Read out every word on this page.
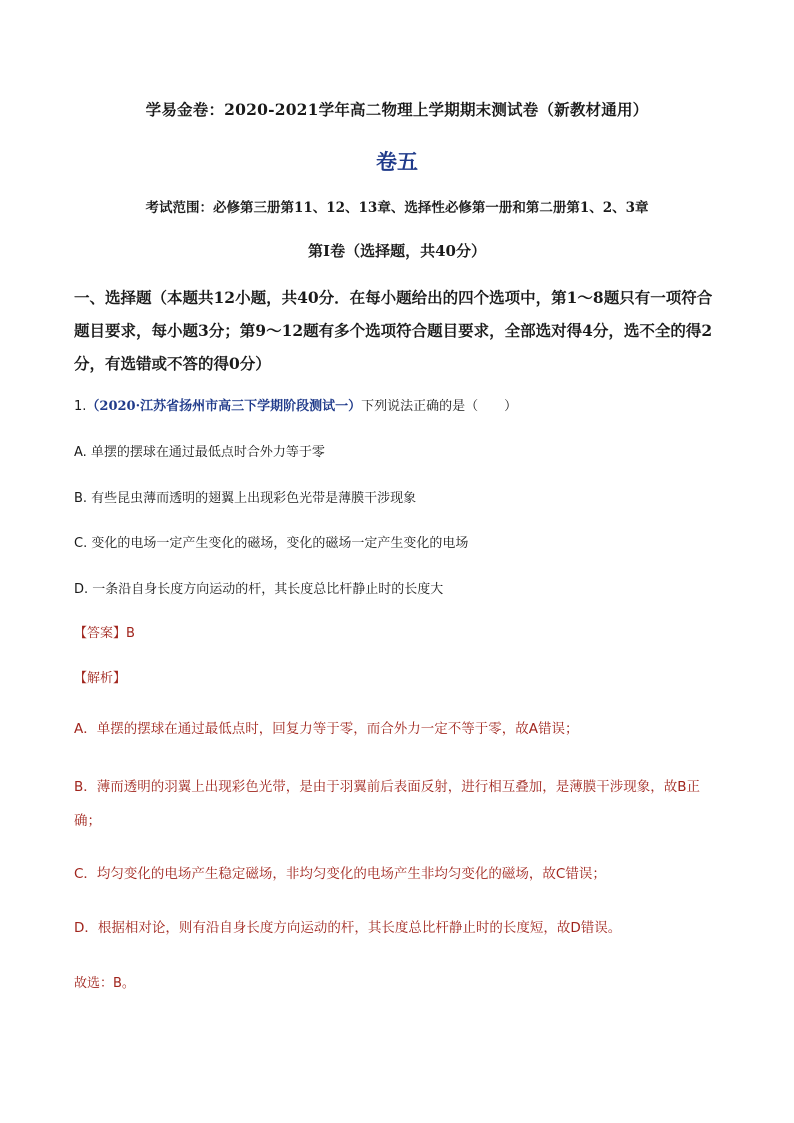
学易金卷：2020-2021学年高二物理上学期期末测试卷（新教材通用）
卷五
考试范围：必修第三册第11、12、13章、选择性必修第一册和第二册第1、2、3章
第Ⅰ卷（选择题，共40分）
一、选择题（本题共12小题，共40分．在每小题给出的四个选项中，第1～8题只有一项符合题目要求，每小题3分；第9～12题有多个选项符合题目要求，全部选对得4分，选不全的得2分，有选错或不答的得0分）
1.（2020·江苏省扬州市高三下学期阶段测试一）下列说法正确的是（　　）
A. 单摆的摆球在通过最低点时合外力等于零
B. 有些昆虫薄而透明的翅翼上出现彩色光带是薄膜干涉现象
C. 变化的电场一定产生变化的磁场，变化的磁场一定产生变化的电场
D. 一条沿自身长度方向运动的杆，其长度总比杆静止时的长度大
【答案】B
【解析】
A．单摆的摆球在通过最低点时，回复力等于零，而合外力一定不等于零，故A错误；
B．薄而透明的羽翼上出现彩色光带，是由于羽翼前后表面反射，进行相互叠加，是薄膜干涉现象，故B正确；
C．均匀变化的电场产生稳定磁场，非均匀变化的电场产生非均匀变化的磁场，故C错误；
D．根据相对论，则有沿自身长度方向运动的杆，其长度总比杆静止时的长度短，故D错误。
故选：B。
